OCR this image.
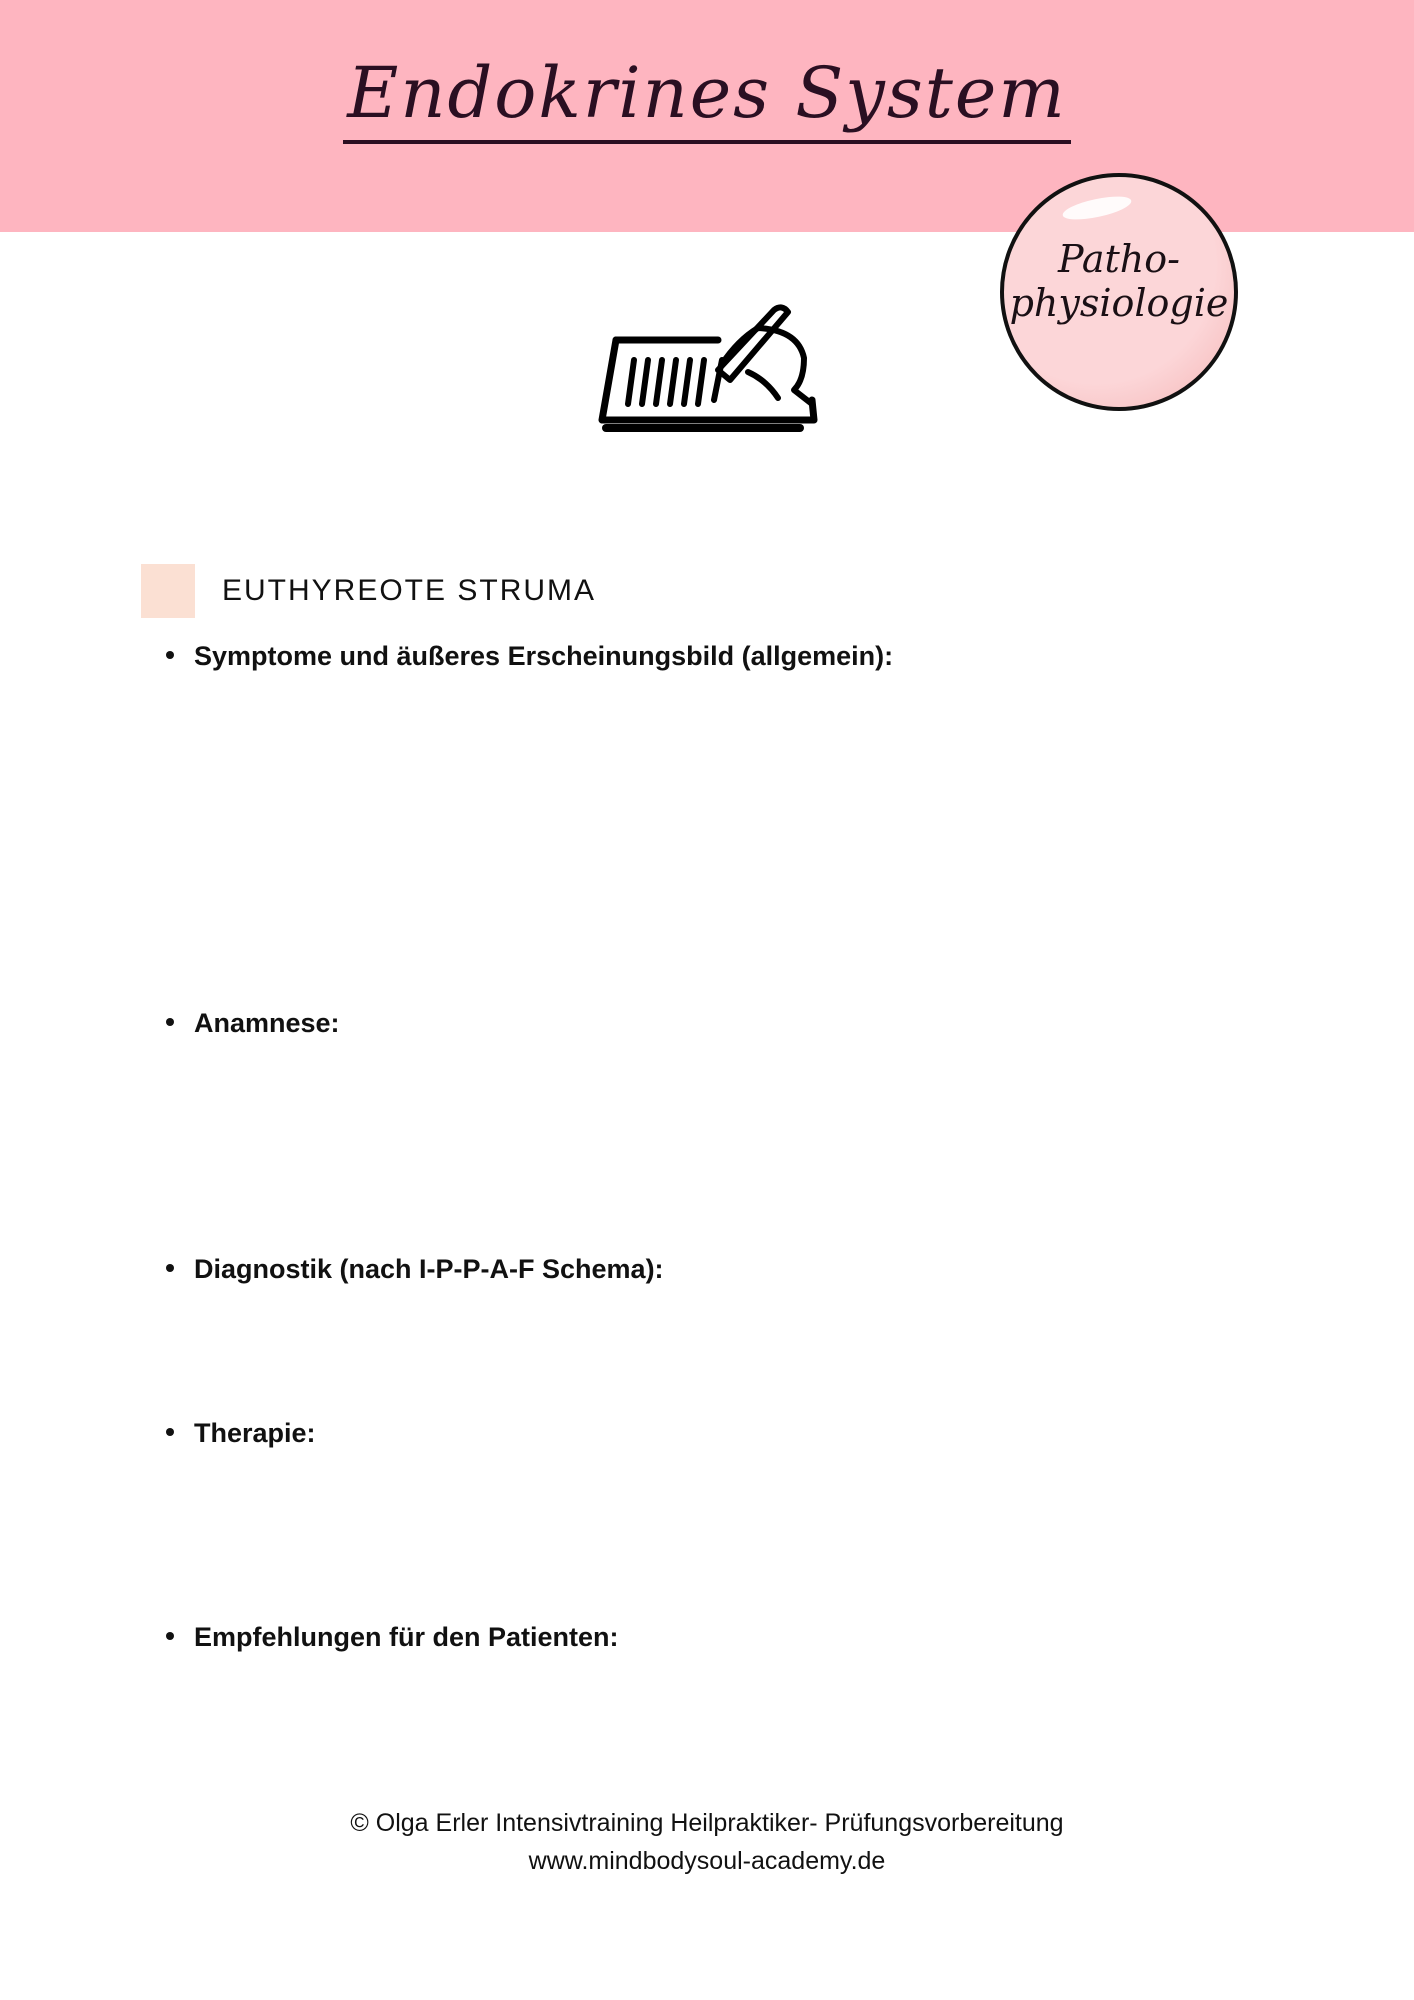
Endokrines System
Patho-
physiologie
EUTHYREOTE STRUMA
Symptome und äußeres Erscheinungsbild (allgemein):
Anamnese:
Diagnostik (nach I-P-P-A-F Schema):
Therapie:
Empfehlungen für den Patienten:
© Olga Erler Intensivtraining Heilpraktiker- Prüfungsvorbereitung
www.mindbodysoul-academy.de
